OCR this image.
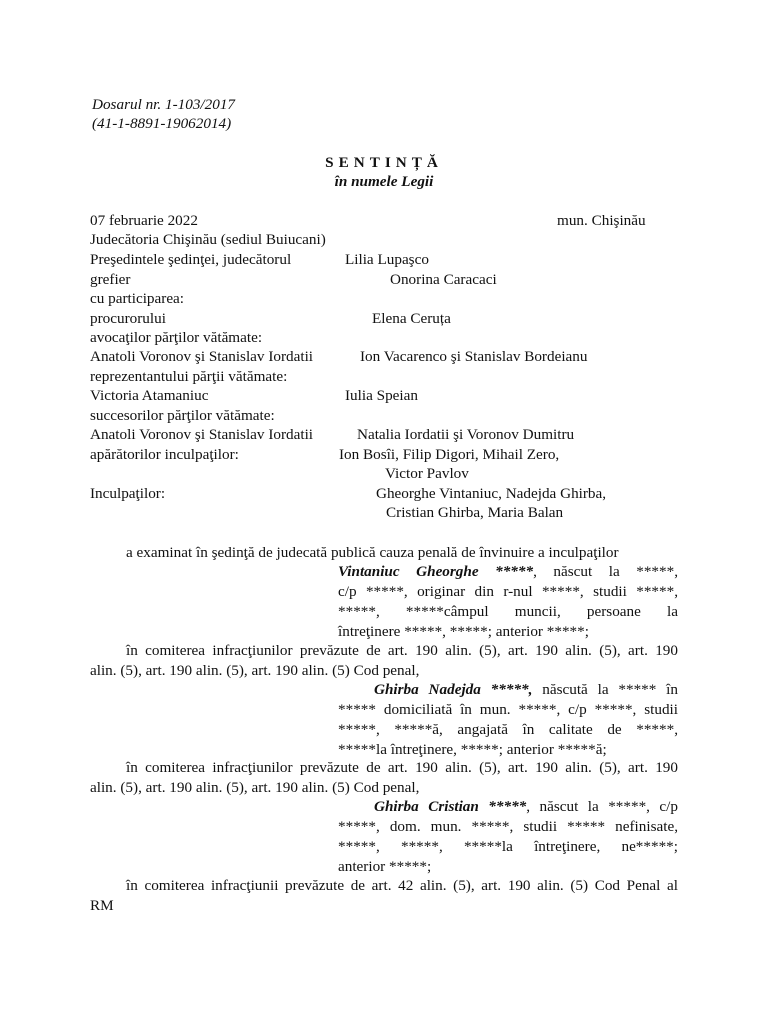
Dosarul nr. 1-103/2017
(41-1-8891-19062014)
SENTINȚĂ
în numele Legii
07 februarie 2022	mun. Chişinău
Judecătoria Chişinău (sediul Buiucani)
Preşedintele şedinţei, judecătorul	Lilia Lupaşco
grefier	Onorina Caracaci
cu participarea:
procurorului	Elena Ceruța
avocaţilor părţilor vătămate:
Anatoli Voronov şi Stanislav Iordatii	Ion Vacarenco şi Stanislav Bordeianu
reprezentantului părţii vătămate:
Victoria Atamaniuc	Iulia Speian
succesorilor părţilor vătămate:
Anatoli Voronov şi Stanislav Iordatii	Natalia Iordatii şi Voronov Dumitru
apărătorilor inculpaţilor:	Ion Bosîi, Filip Digori, Mihail Zero,
Victor Pavlov
Inculpaţilor:	Gheorghe Vintaniuc, Nadejda Ghirba,
Cristian Ghirba, Maria Balan
a examinat în şedinţă de judecată publică cauza penală de învinuire a inculpaţilor
Vintaniuc Gheorghe *****, născut la *****,
c/p *****, originar din r-nul *****, studii *****,
*****, *****câmpul muncii, persoane la
întreţinere *****, *****; anterior *****;
în comiterea infracţiunilor prevăzute de art. 190 alin. (5), art. 190 alin. (5), art. 190
alin. (5), art. 190 alin. (5), art. 190 alin. (5) Cod penal,
Ghirba Nadejda *****, născută la ***** în
***** domiciliată în mun. *****, c/p *****, studii
*****, *****ă, angajată în calitate de *****,
*****la întreţinere, *****; anterior *****ă;
în comiterea infracţiunilor prevăzute de art. 190 alin. (5), art. 190 alin. (5), art. 190
alin. (5), art. 190 alin. (5), art. 190 alin. (5) Cod penal,
Ghirba Cristian *****, născut la *****, c/p
*****, dom. mun. *****, studii ***** nefinisate,
*****, *****, *****la întreţinere, ne*****;
anterior *****;
în comiterea infracţiunii prevăzute de art. 42 alin. (5), art. 190 alin. (5) Cod Penal al
RM
